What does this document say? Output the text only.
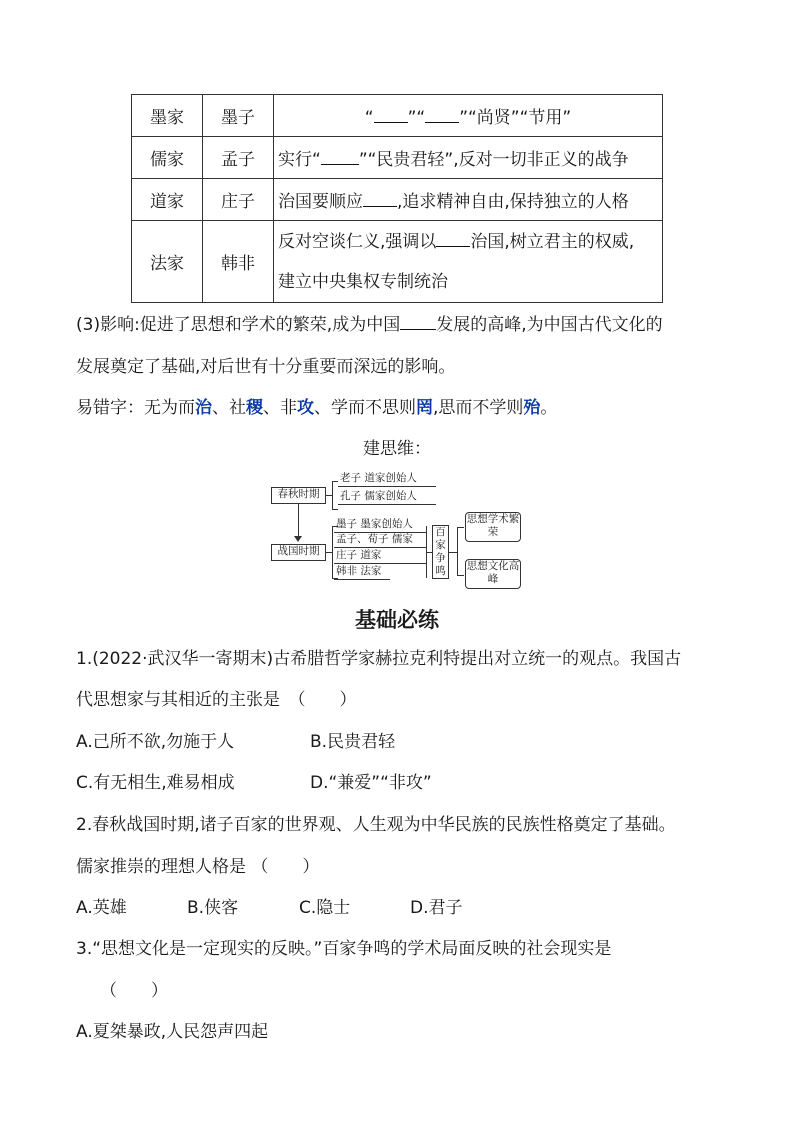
墨家	墨子	“ ”“ ”“尚贤”“节用”
儒家	孟子	实行“ ”“民贵君轻”,反对一切非正义的战争
道家	庄子	治国要顺应 ,追求精神自由,保持独立的人格
法家	韩非	反对空谈仁义,强调以 治国,树立君主的权威,
建立中央集权专制统治
(3)影响:促进了思想和学术的繁荣,成为中国 发展的高峰,为中国古代文化的
发展奠定了基础,对后世有十分重要而深远的影响。
易错字：无为而治、社稷、非攻、学而不思则罔,思而不学则殆。
建思维：
春秋时期
战国时期
老子 道家创始人
孔子 儒家创始人
墨子 墨家创始人
孟子、荀子 儒家
庄子 道家
韩非 法家
百家争鸣
思想学术繁荣
思想文化高峰
基础必练
1.(2022·武汉华一寄期末)古希腊哲学家赫拉克利特提出对立统一的观点。我国古
代思想家与其相近的主张是　（　　）
A.己所不欲,勿施于人	B.民贵君轻
C.有无相生,难易相成	D.“兼爱”“非攻”
2.春秋战国时期,诸子百家的世界观、人生观为中华民族的民族性格奠定了基础。
儒家推崇的理想人格是 （　　）
A.英雄	B.侠客	C.隐士	D.君子
3.“思想文化是一定现实的反映。”百家争鸣的学术局面反映的社会现实是
（　　）
A.夏桀暴政,人民怨声四起
